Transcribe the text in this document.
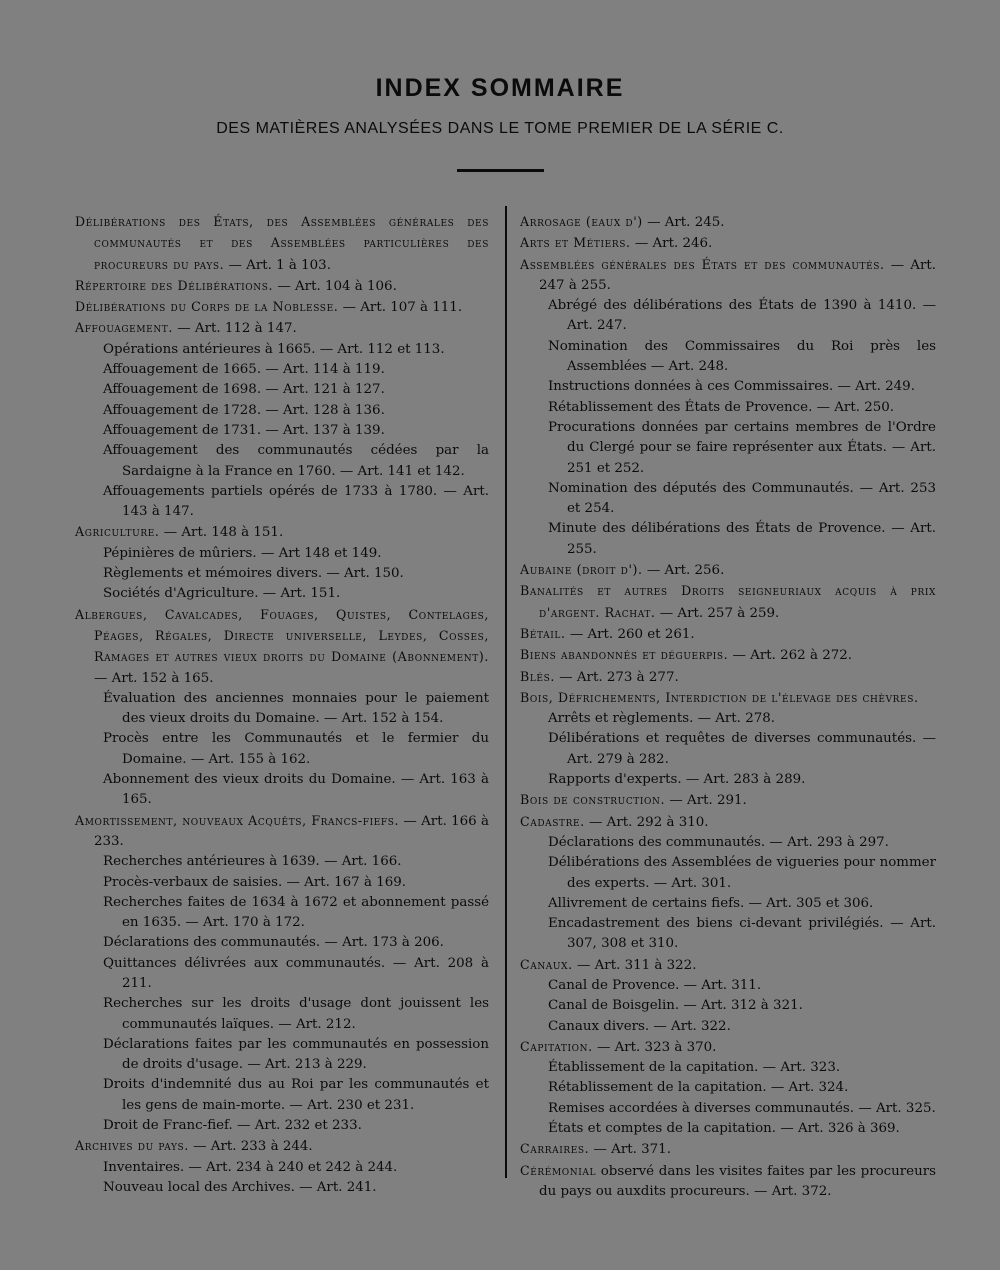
INDEX SOMMAIRE
DES MATIÈRES ANALYSÉES DANS LE TOME PREMIER DE LA SÉRIE C.
Délibérations des États, des Assemblées générales des communautés et des Assemblées particulières des procureurs du pays. — Art. 1 à 103.
Répertoire des Délibérations. — Art. 104 à 106.
Délibérations du Corps de la Noblesse. — Art. 107 à 111.
Affouagement. — Art. 112 à 147.
Opérations antérieures à 1665. — Art. 112 et 113.
Affouagement de 1665. — Art. 114 à 119.
Affouagement de 1698. — Art. 121 à 127.
Affouagement de 1728. — Art. 128 à 136.
Affouagement de 1731. — Art. 137 à 139.
Affouagement des communautés cédées par la Sardaigne à la France en 1760. — Art. 141 et 142.
Affouagements partiels opérés de 1733 à 1780. — Art. 143 à 147.
Agriculture. — Art. 148 à 151.
Pépinières de mûriers. — Art 148 et 149.
Règlements et mémoires divers. — Art. 150.
Sociétés d'Agriculture. — Art. 151.
Albergues, Cavalcades, Fouages, Quistes, Contelages, Péages, Régales, Directe universelle, Leydes, Cosses, Ramages et autres vieux droits du Domaine (Abonnement). — Art. 152 à 165.
Évaluation des anciennes monnaies pour le paiement des vieux droits du Domaine. — Art. 152 à 154.
Procès entre les Communautés et le fermier du Domaine. — Art. 155 à 162.
Abonnement des vieux droits du Domaine. — Art. 163 à 165.
Amortissement, nouveaux Acquêts, Francs-fiefs. — Art. 166 à 233.
Recherches antérieures à 1639. — Art. 166.
Procès-verbaux de saisies. — Art. 167 à 169.
Recherches faites de 1634 à 1672 et abonnement passé en 1635. — Art. 170 à 172.
Déclarations des communautés. — Art. 173 à 206.
Quittances délivrées aux communautés. — Art. 208 à 211.
Recherches sur les droits d'usage dont jouissent les communautés laïques. — Art. 212.
Déclarations faites par les communautés en possession de droits d'usage. — Art. 213 à 229.
Droits d'indemnité dus au Roi par les communautés et les gens de main-morte. — Art. 230 et 231.
Droit de Franc-fief. — Art. 232 et 233.
Archives du pays. — Art. 233 à 244.
Inventaires. — Art. 234 à 240 et 242 à 244.
Nouveau local des Archives. — Art. 241.
Arrosage (eaux d') — Art. 245.
Arts et Métiers. — Art. 246.
Assemblées générales des États et des communautés. — Art. 247 à 255.
Abrégé des délibérations des États de 1390 à 1410. — Art. 247.
Nomination des Commissaires du Roi près les Assemblées — Art. 248.
Instructions données à ces Commissaires. — Art. 249.
Rétablissement des États de Provence. — Art. 250.
Procurations données par certains membres de l'Ordre du Clergé pour se faire représenter aux États. — Art. 251 et 252.
Nomination des députés des Communautés. — Art. 253 et 254.
Minute des délibérations des États de Provence. — Art. 255.
Aubaine (droit d'). — Art. 256.
Banalités et autres Droits seigneuriaux acquis à prix d'argent. Rachat. — Art. 257 à 259.
Bétail. — Art. 260 et 261.
Biens abandonnés et déguerpis. — Art. 262 à 272.
Blés. — Art. 273 à 277.
Bois, Défrichements, Interdiction de l'élevage des chèvres.
Arrêts et règlements. — Art. 278.
Délibérations et requêtes de diverses communautés. — Art. 279 à 282.
Rapports d'experts. — Art. 283 à 289.
Bois de construction. — Art. 291.
Cadastre. — Art. 292 à 310.
Déclarations des communautés. — Art. 293 à 297.
Délibérations des Assemblées de vigueries pour nommer des experts. — Art. 301.
Allivrement de certains fiefs. — Art. 305 et 306.
Encadastrement des biens ci-devant privilégiés. — Art. 307, 308 et 310.
Canaux. — Art. 311 à 322.
Canal de Provence. — Art. 311.
Canal de Boisgelin. — Art. 312 à 321.
Canaux divers. — Art. 322.
Capitation. — Art. 323 à 370.
Établissement de la capitation. — Art. 323.
Rétablissement de la capitation. — Art. 324.
Remises accordées à diverses communautés. — Art. 325.
États et comptes de la capitation. — Art. 326 à 369.
Carraires. — Art. 371.
Cérémonial observé dans les visites faites par les procureurs du pays ou auxdits procureurs. — Art. 372.
